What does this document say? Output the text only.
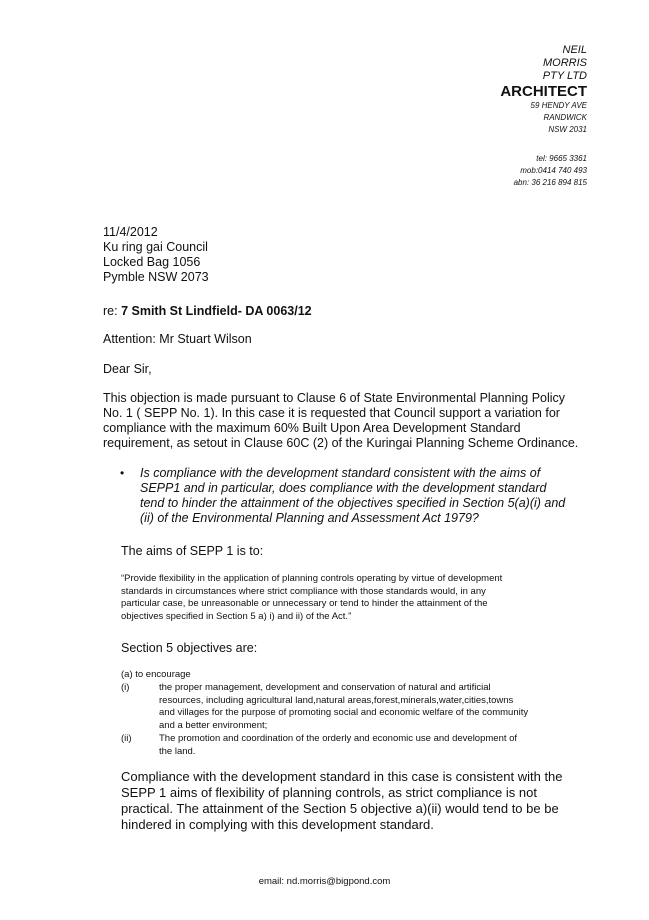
NEIL
MORRIS
PTY LTD
ARCHITECT
59 HENDY AVE
RANDWICK
NSW 2031
tel: 9665 3361
mob:0414 740 493
abn: 36 216 894 815
11/4/2012
Ku ring gai Council
Locked Bag 1056
Pymble NSW 2073
re: 7 Smith St Lindfield- DA 0063/12
Attention: Mr Stuart Wilson
Dear Sir,
This objection is made pursuant to Clause 6 of State Environmental Planning Policy
No. 1 ( SEPP No. 1). In this case it is requested that Council support a variation for
compliance with the maximum 60% Built Upon Area Development Standard
requirement, as setout in Clause 60C (2) of the Kuringai Planning Scheme Ordinance.
• Is compliance with the development standard consistent with the aims of
SEPP1 and in particular, does compliance with the development standard
tend to hinder the attainment of the objectives specified in Section 5(a)(i) and
(ii) of the Environmental Planning and Assessment Act 1979?
The aims of SEPP 1 is to:
“Provide flexibility in the application of planning controls operating by virtue of development
standards in circumstances where strict compliance with those standards would, in any
particular case, be unreasonable or unnecessary or tend to hinder the attainment of the
objectives specified in Section 5 a) i) and ii) of the Act.”
Section 5 objectives are:
(a) to encourage
(i)	the proper management, development and conservation of natural and artificial
resources, including agricultural land,natural areas,forest,minerals,water,cities,towns
and villages for the purpose of promoting social and economic welfare of the community
and a better environment;
(ii)	The promotion and coordination of the orderly and economic use and development of
the land.
Compliance with the development standard in this case is consistent with the
SEPP 1 aims of flexibility of planning controls, as strict compliance is not
practical. The attainment of the Section 5 objective a)(ii) would tend to be be
hindered in complying with this development standard.
email: nd.morris@bigpond.com
